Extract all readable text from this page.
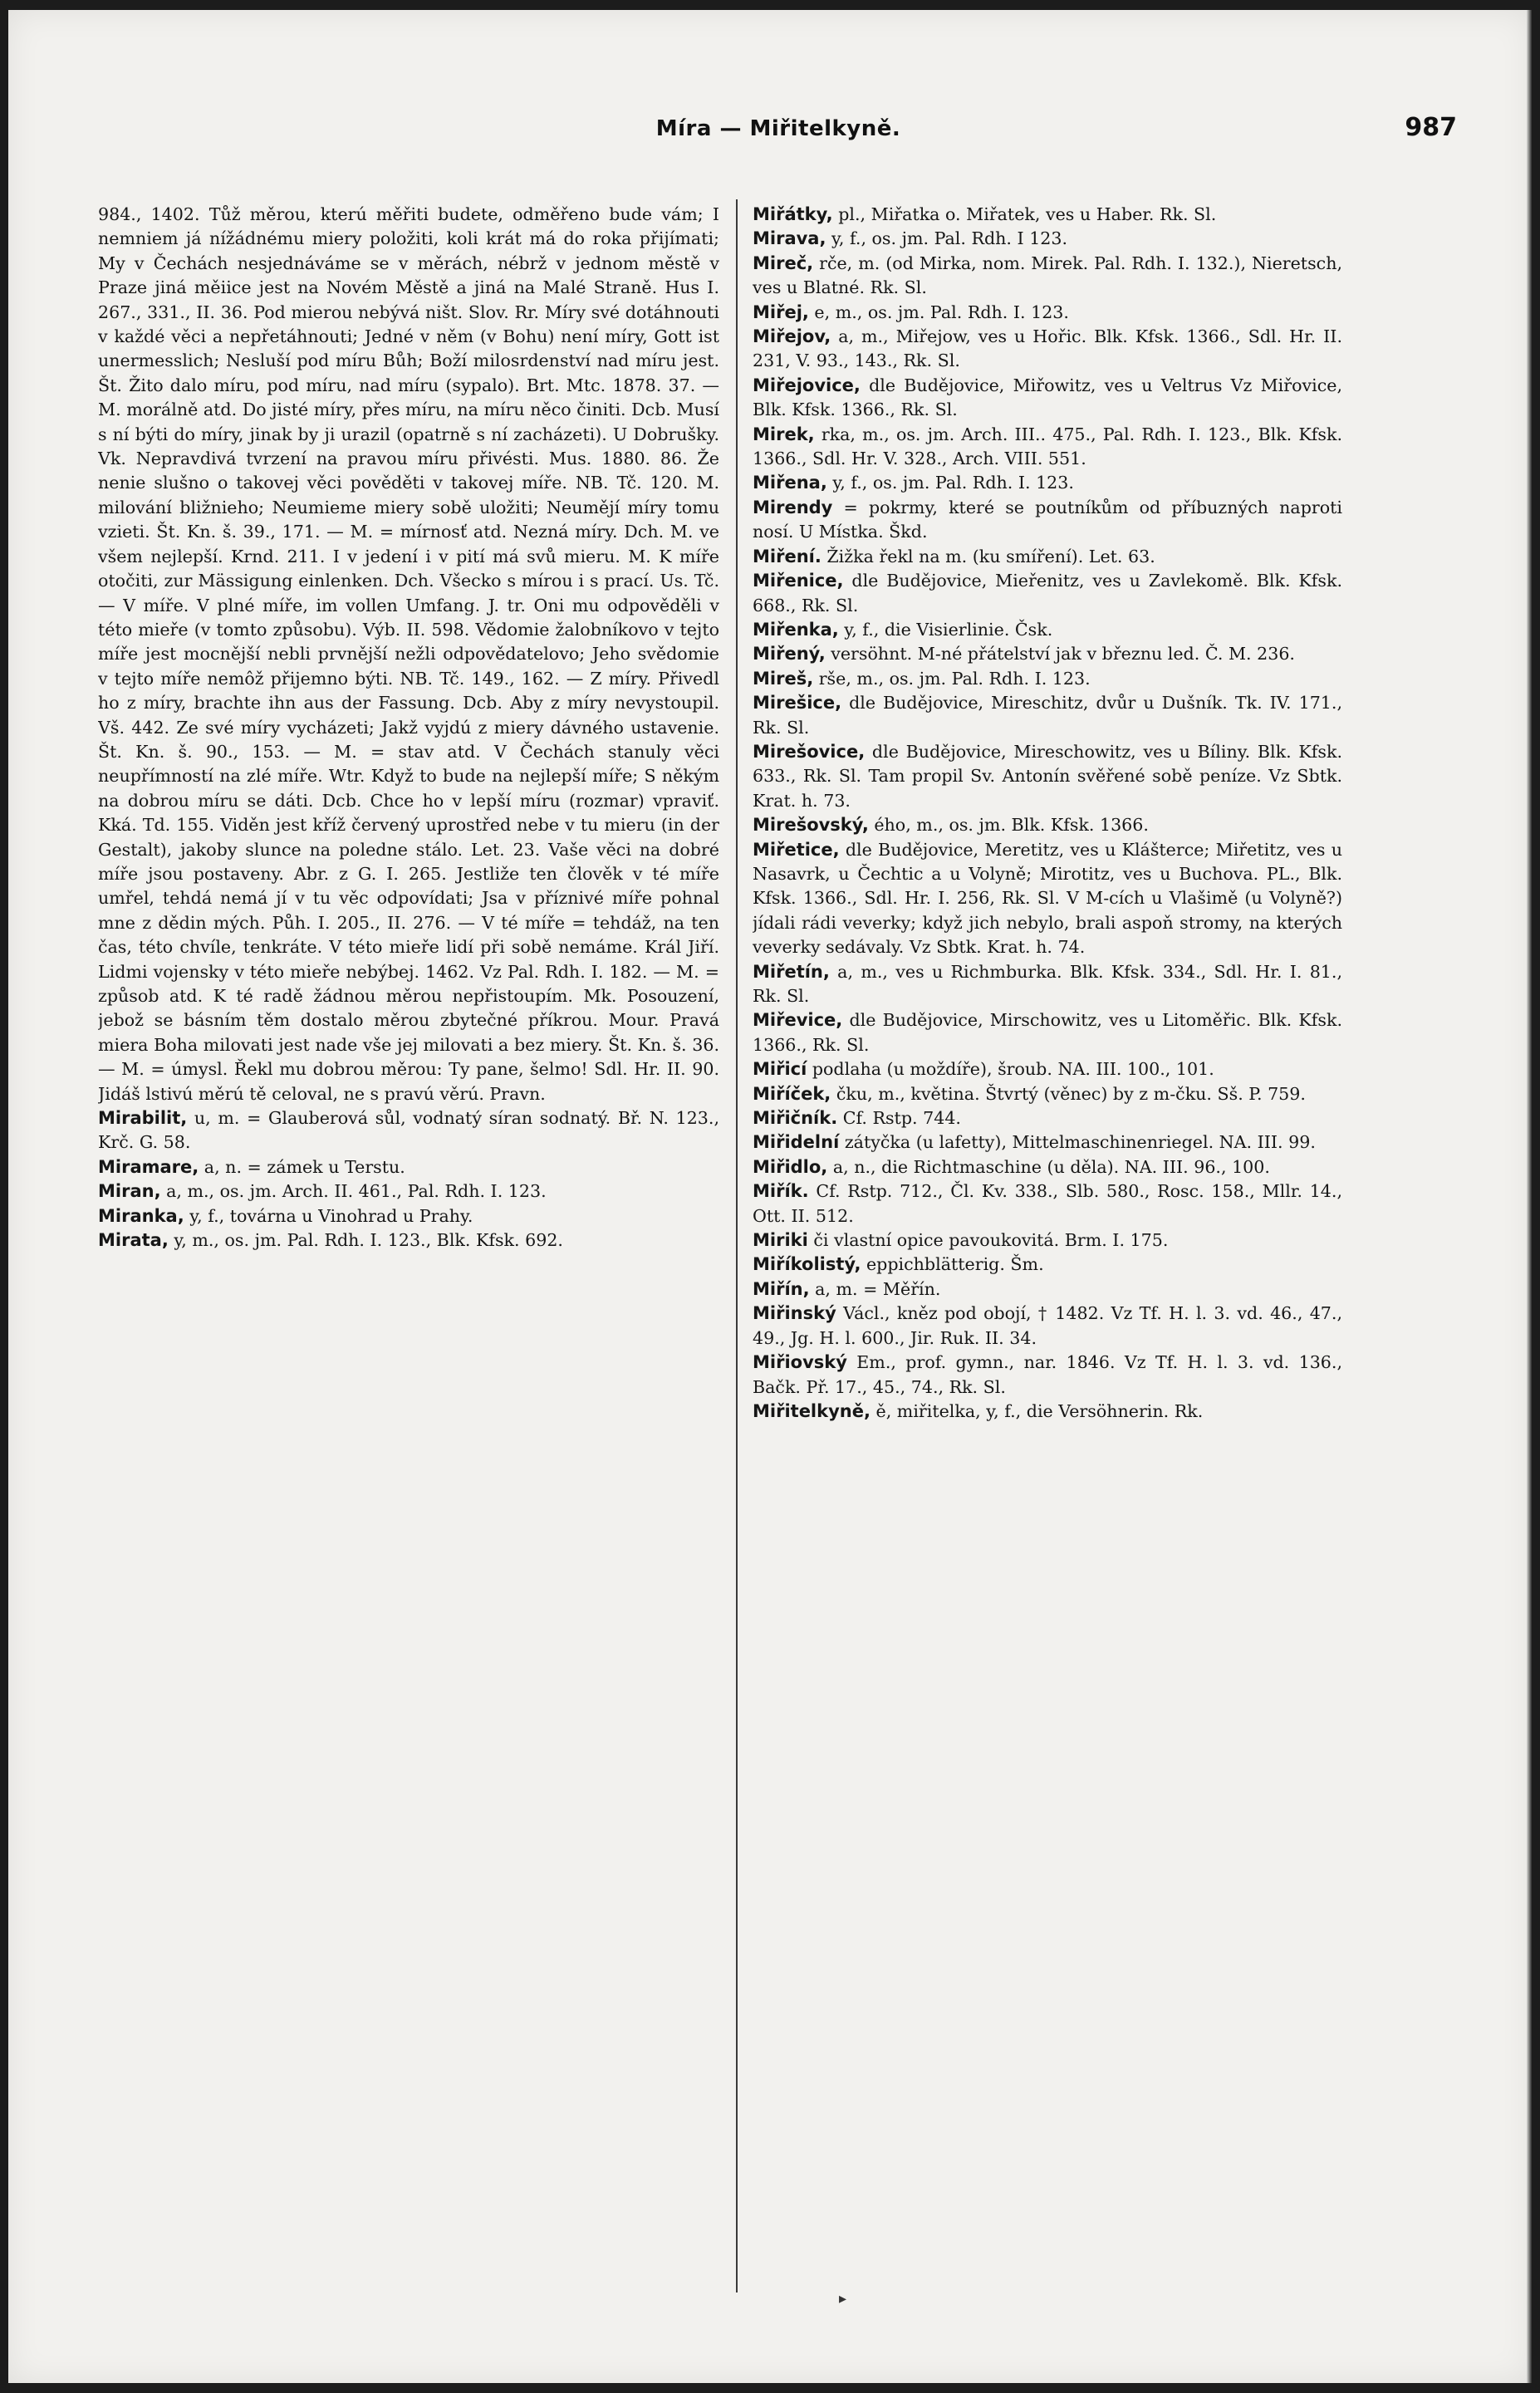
Míra — Miřitelkyně.	987

984., 1402. Tůž měrou, kterú měřiti budete, odměřeno bude vám; I nemniem já nížádnému miery položiti, koli krát má do roka přijímati; My v Čechách nesjednáváme se v měrách, nébrž v jednom městě v Praze jiná měiice jest na Novém Městě a jiná na Malé Straně. Hus I. 267., 331., II. 36. Pod mierou nebývá ništ. Slov. Rr. Míry své dotáhnouti v každé věci a nepřetáhnouti; Jedné v něm (v Bohu) není míry, Gott ist unermesslich; Nesluší pod míru Bůh; Boží milosrdenství nad míru jest. Št. Žito dalo míru, pod míru, nad míru (sypalo). Brt. Mtc. 1878. 37. — M. morálně atd. Do jisté míry, přes míru, na míru něco činiti. Dcb. Musí s ní býti do míry, jinak by ji urazil (opatrně s ní zacházeti). U Dobrušky. Vk. Nepravdivá tvrzení na pravou míru přivésti. Mus. 1880. 86. Že nenie slušno o takovej věci pověděti v takovej míře. NB. Tč. 120. M. milování bližnieho; Neumieme miery sobě uložiti; Neumějí míry tomu vzieti. Št. Kn. š. 39., 171. — M. = mírnosť atd. Nezná míry. Dch. M. ve všem nejlepší. Krnd. 211. I v jedení i v pití má svů mieru. M. K míře otočiti, zur Mässigung einlenken. Dch. Všecko s mírou i s prací. Us. Tč. — V míře. V plné míře, im vollen Umfang. J. tr. Oni mu odpověděli v této mieře (v tomto způsobu). Výb. II. 598. Vědomie žalobníkovo v tejto míře jest mocnější nebli prvnější nežli odpovědatelovo; Jeho svědomie v tejto míře nemôž přijemno býti. NB. Tč. 149., 162. — Z míry. Přivedl ho z míry, brachte ihn aus der Fassung. Dcb. Aby z míry nevystoupil. Vš. 442. Ze své míry vycházeti; Jakž vyjdú z miery dávného ustavenie. Št. Kn. š. 90., 153. — M. = stav atd. V Čechách stanuly věci neupřímností na zlé míře. Wtr. Když to bude na nejlepší míře; S někým na dobrou míru se dáti. Dcb. Chce ho v lepší míru (rozmar) vpraviť. Kká. Td. 155. Viděn jest kříž červený uprostřed nebe v tu mieru (in der Gestalt), jakoby slunce na poledne stálo. Let. 23. Vaše věci na dobré míře jsou postaveny. Abr. z G. I. 265. Jestliže ten člověk v té míře umřel, tehdá nemá jí v tu věc odpovídati; Jsa v příznivé míře pohnal mne z dědin mých. Půh. I. 205., II. 276. — V té míře = tehdáž, na ten čas, této chvíle, tenkráte. V této mieře lidí při sobě nemáme. Král Jiří. Lidmi vojensky v této mieře nebýbej. 1462. Vz Pal. Rdh. I. 182. — M. = způsob atd. K té radě žádnou měrou nepřistoupím. Mk. Posouzení, jebož se básním těm dostalo měrou zbytečné příkrou. Mour. Pravá miera Boha milovati jest nade vše jej milovati a bez miery. Št. Kn. š. 36. — M. = úmysl. Řekl mu dobrou měrou: Ty pane, šelmo! Sdl. Hr. II. 90. Jidáš lstivú měrú tě celoval, ne s pravú věrú. Pravn.

Mirabilit, u, m. = Glauberová sůl, vodnatý síran sodnatý. Bř. N. 123., Krč. G. 58.

Miramare, a, n. = zámek u Terstu.

Miran, a, m., os. jm. Arch. II. 461., Pal. Rdh. I. 123.

Miranka, y, f., továrna u Vinohrad u Prahy.

Mirata, y, m., os. jm. Pal. Rdh. I. 123., Blk. Kfsk. 692.

Miřátky, pl., Miřatka o. Miřatek, ves u Haber. Rk. Sl.

Mirava, y, f., os. jm. Pal. Rdh. I 123.

Mireč, rče, m. (od Mirka, nom. Mirek. Pal. Rdh. I. 132.), Nieretsch, ves u Blatné. Rk. Sl.

Miřej, e, m., os. jm. Pal. Rdh. I. 123.

Miřejov, a, m., Miřejow, ves u Hořic. Blk. Kfsk. 1366., Sdl. Hr. II. 231, V. 93., 143., Rk. Sl.

Miřejovice, dle Budějovice, Miřowitz, ves u Veltrus Vz Miřovice, Blk. Kfsk. 1366., Rk. Sl.

Mirek, rka, m., os. jm. Arch. III.. 475., Pal. Rdh. I. 123., Blk. Kfsk. 1366., Sdl. Hr. V. 328., Arch. VIII. 551.

Miřena, y, f., os. jm. Pal. Rdh. I. 123.

Mirendy = pokrmy, které se poutníkům od příbuzných naproti nosí. U Místka. Škd.

Miření. Žižka řekl na m. (ku smíření). Let. 63.

Miřenice, dle Budějovice, Mieřenitz, ves u Zavlekomě. Blk. Kfsk. 668., Rk. Sl.

Miřenka, y, f., die Visierlinie. Čsk.

Miřený, versöhnt. M-né přátelství jak v březnu led. Č. M. 236.

Mireš, rše, m., os. jm. Pal. Rdh. I. 123.

Mirešice, dle Budějovice, Mireschitz, dvůr u Dušník. Tk. IV. 171., Rk. Sl.

Mirešovice, dle Budějovice, Mireschowitz, ves u Bíliny. Blk. Kfsk. 633., Rk. Sl. Tam propil Sv. Antonín svěřené sobě peníze. Vz Sbtk. Krat. h. 73.

Mirešovský, ého, m., os. jm. Blk. Kfsk. 1366.

Miřetice, dle Budějovice, Meretitz, ves u Klášterce; Miřetitz, ves u Nasavrk, u Čechtic a u Volyně; Mirotitz, ves u Buchova. PL., Blk. Kfsk. 1366., Sdl. Hr. I. 256, Rk. Sl. V M-cích u Vlašimě (u Volyně?) jídali rádi veverky; když jich nebylo, brali aspoň stromy, na kterých veverky sedávaly. Vz Sbtk. Krat. h. 74.

Miřetín, a, m., ves u Richmburka. Blk. Kfsk. 334., Sdl. Hr. I. 81., Rk. Sl.

Miřevice, dle Budějovice, Mirschowitz, ves u Litoměřic. Blk. Kfsk. 1366., Rk. Sl.

Miřicí podlaha (u moždíře), šroub. NA. III. 100., 101.

Miříček, čku, m., květina. Štvrtý (věnec) by z m-čku. Sš. P. 759.

Miřičník. Cf. Rstp. 744.

Miřidelní zátyčka (u lafetty), Mittelmaschinenriegel. NA. III. 99.

Miřidlo, a, n., die Richtmaschine (u děla). NA. III. 96., 100.

Miřík. Cf. Rstp. 712., Čl. Kv. 338., Slb. 580., Rosc. 158., Mllr. 14., Ott. II. 512.

Miriki či vlastní opice pavoukovitá. Brm. I. 175.

Miříkolistý, eppichblätterig. Šm.

Miřín, a, m. = Měřín.

Miřinský Václ., kněz pod obojí, † 1482. Vz Tf. H. l. 3. vd. 46., 47., 49., Jg. H. l. 600., Jir. Ruk. II. 34.

Miřiovský Em., prof. gymn., nar. 1846. Vz Tf. H. l. 3. vd. 136., Bačk. Př. 17., 45., 74., Rk. Sl.

Miřitelkyně, ě, miřitelka, y, f., die Versöhnerin. Rk.

▸
